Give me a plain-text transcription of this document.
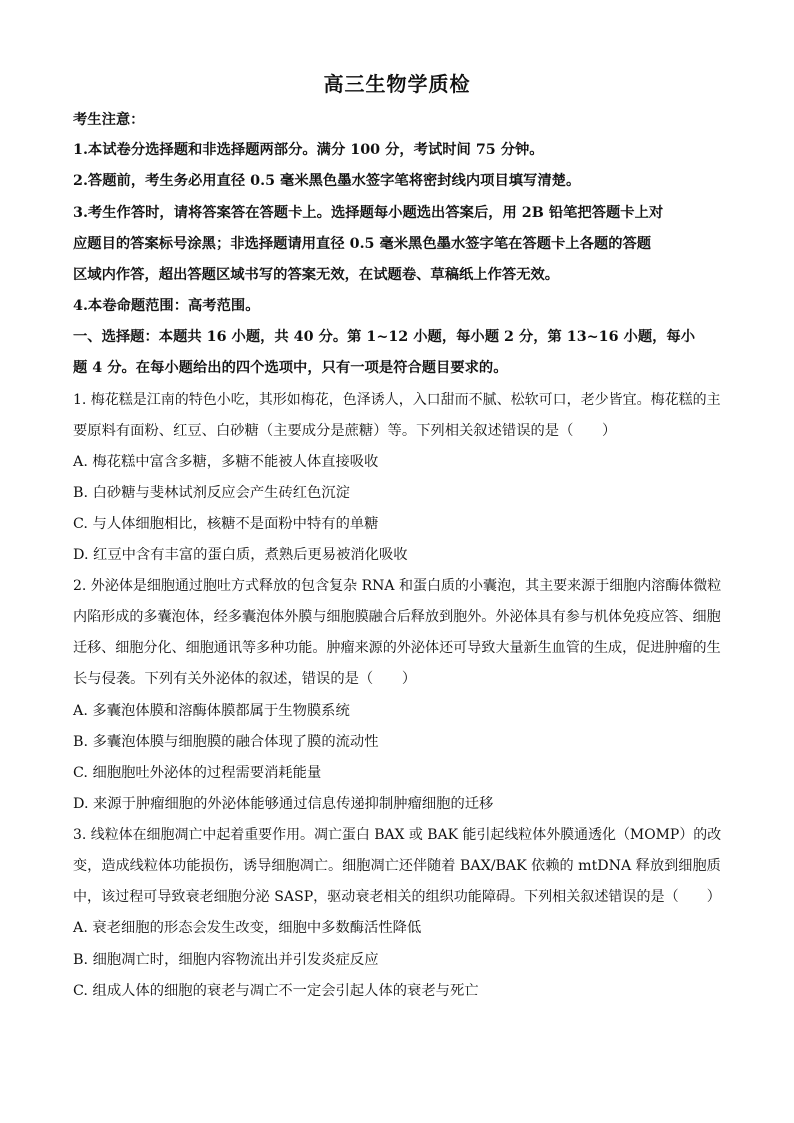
高三生物学质检
考生注意：
1.本试卷分选择题和非选择题两部分。满分 100 分，考试时间 75 分钟。
2.答题前，考生务必用直径 0.5 毫米黑色墨水签字笔将密封线内项目填写清楚。
3.考生作答时，请将答案答在答题卡上。选择题每小题选出答案后，用 2B 铅笔把答题卡上对
应题目的答案标号涂黑；非选择题请用直径 0.5 毫米黑色墨水签字笔在答题卡上各题的答题
区域内作答，超出答题区域书写的答案无效，在试题卷、草稿纸上作答无效。
4.本卷命题范围：高考范围。
一、选择题：本题共 16 小题，共 40 分。第 1~12 小题，每小题 2 分，第 13~16 小题，每小
题 4 分。在每小题给出的四个选项中，只有一项是符合题目要求的。
1. 梅花糕是江南的特色小吃，其形如梅花，色泽诱人，入口甜而不腻、松软可口，老少皆宜。梅花糕的主
要原料有面粉、红豆、白砂糖（主要成分是蔗糖）等。下列相关叙述错误的是（　　）
A. 梅花糕中富含多糖，多糖不能被人体直接吸收
B. 白砂糖与斐林试剂反应会产生砖红色沉淀
C. 与人体细胞相比，核糖不是面粉中特有的单糖
D. 红豆中含有丰富的蛋白质，煮熟后更易被消化吸收
2. 外泌体是细胞通过胞吐方式释放的包含复杂 RNA 和蛋白质的小囊泡，其主要来源于细胞内溶酶体微粒
内陷形成的多囊泡体，经多囊泡体外膜与细胞膜融合后释放到胞外。外泌体具有参与机体免疫应答、细胞
迁移、细胞分化、细胞通讯等多种功能。肿瘤来源的外泌体还可导致大量新生血管的生成，促进肿瘤的生
长与侵袭。下列有关外泌体的叙述，错误的是（　　）
A. 多囊泡体膜和溶酶体膜都属于生物膜系统
B. 多囊泡体膜与细胞膜的融合体现了膜的流动性
C. 细胞胞吐外泌体的过程需要消耗能量
D. 来源于肿瘤细胞的外泌体能够通过信息传递抑制肿瘤细胞的迁移
3. 线粒体在细胞凋亡中起着重要作用。凋亡蛋白 BAX 或 BAK 能引起线粒体外膜通透化（MOMP）的改
变，造成线粒体功能损伤，诱导细胞凋亡。细胞凋亡还伴随着 BAX/BAK 依赖的 mtDNA 释放到细胞质
中，该过程可导致衰老细胞分泌 SASP，驱动衰老相关的组织功能障碍。下列相关叙述错误的是（　　）
A. 衰老细胞的形态会发生改变，细胞中多数酶活性降低
B. 细胞凋亡时，细胞内容物流出并引发炎症反应
C. 组成人体的细胞的衰老与凋亡不一定会引起人体的衰老与死亡
